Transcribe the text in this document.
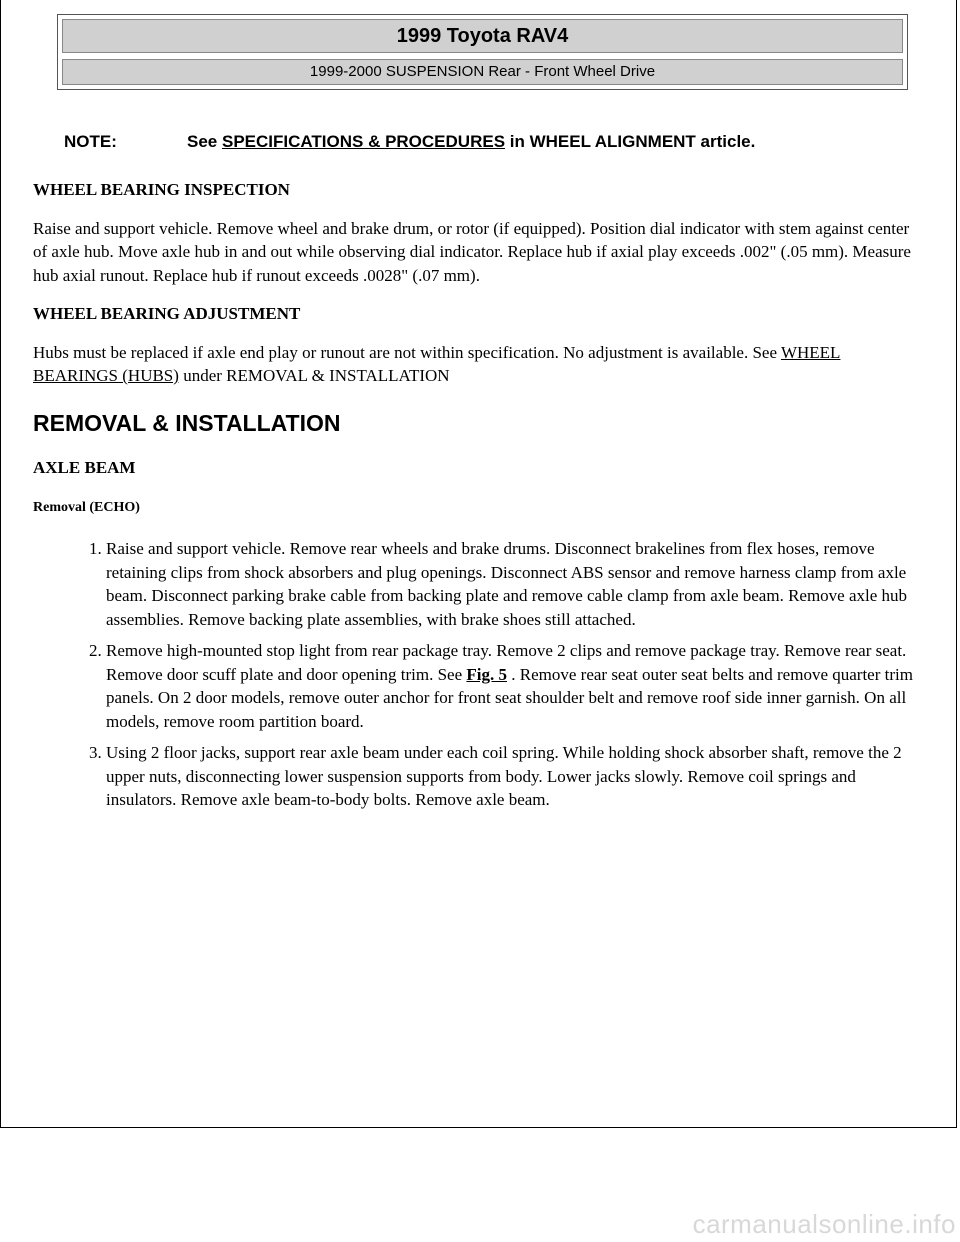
1999 Toyota RAV4
1999-2000 SUSPENSION Rear - Front Wheel Drive
NOTE:	See SPECIFICATIONS & PROCEDURES in WHEEL ALIGNMENT article.
WHEEL BEARING INSPECTION

Raise and support vehicle. Remove wheel and brake drum, or rotor (if equipped). Position dial indicator with stem against center of axle hub. Move axle hub in and out while observing dial indicator. Replace hub if axial play exceeds .002" (.05 mm). Measure hub axial runout. Replace hub if runout exceeds .0028" (.07 mm).

WHEEL BEARING ADJUSTMENT

Hubs must be replaced if axle end play or runout are not within specification. No adjustment is available. See WHEEL BEARINGS (HUBS) under REMOVAL & INSTALLATION

REMOVAL & INSTALLATION
AXLE BEAM
Removal (ECHO)
1. Raise and support vehicle. Remove rear wheels and brake drums. Disconnect brakelines from flex hoses, remove retaining clips from shock absorbers and plug openings. Disconnect ABS sensor and remove harness clamp from axle beam. Disconnect parking brake cable from backing plate and remove cable clamp from axle beam. Remove axle hub assemblies. Remove backing plate assemblies, with brake shoes still attached.
2. Remove high-mounted stop light from rear package tray. Remove 2 clips and remove package tray. Remove rear seat. Remove door scuff plate and door opening trim. See Fig. 5 . Remove rear seat outer seat belts and remove quarter trim panels. On 2 door models, remove outer anchor for front seat shoulder belt and remove roof side inner garnish. On all models, remove room partition board.
3. Using 2 floor jacks, support rear axle beam under each coil spring. While holding shock absorber shaft, remove the 2 upper nuts, disconnecting lower suspension supports from body. Lower jacks slowly. Remove coil springs and insulators. Remove axle beam-to-body bolts. Remove axle beam.
carmanualsonline.info
